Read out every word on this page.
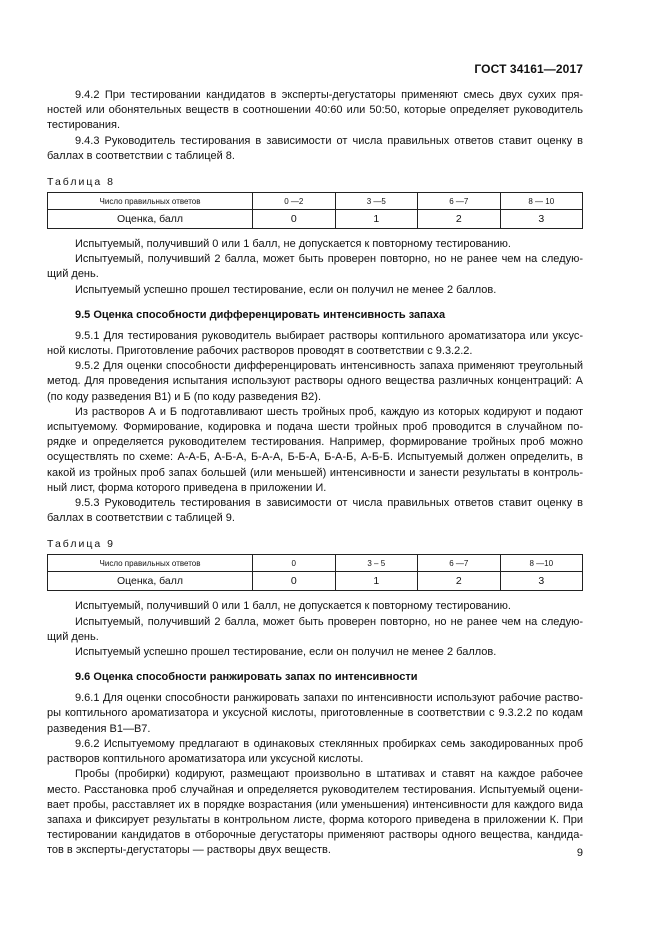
ГОСТ 34161—2017

9.4.2 При тестировании кандидатов в эксперты-дегустаторы применяют смесь двух сухих пряностей или обонятельных веществ в соотношении 40:60 или 50:50, которые определяет руководитель тестирования.

9.4.3 Руководитель тестирования в зависимости от числа правильных ответов ставит оценку в баллах в соответствии с таблицей 8.

Таблица 8
Число правильных ответов	0 —2	3 —5	6 —7	8 — 10
Оценка, балл	0	1	2	3

Испытуемый, получивший 0 или 1 балл, не допускается к повторному тестированию.

Испытуемый, получивший 2 балла, может быть проверен повторно, но не ранее чем на следующий день.

Испытуемый успешно прошел тестирование, если он получил не менее 2 баллов.

9.5 Оценка способности дифференцировать интенсивность запаха

9.5.1 Для тестирования руководитель выбирает растворы коптильного ароматизатора или уксусной кислоты. Приготовление рабочих растворов проводят в соответствии с 9.3.2.2.

9.5.2 Для оценки способности дифференцировать интенсивность запаха применяют треугольный метод. Для проведения испытания используют растворы одного вещества различных концентраций: А (по коду разведения В1) и Б (по коду разведения В2).

Из растворов А и Б подготавливают шесть тройных проб, каждую из которых кодируют и подают испытуемому. Формирование, кодировка и подача шести тройных проб проводится в случайном порядке и определяется руководителем тестирования. Например, формирование тройных проб можно осуществлять по схеме: А-А-Б, А-Б-А, Б-А-А, Б-Б-А, Б-А-Б, А-Б-Б. Испытуемый должен определить, в какой из тройных проб запах большей (или меньшей) интенсивности и занести результаты в контрольный лист, форма которого приведена в приложении И.

9.5.3 Руководитель тестирования в зависимости от числа правильных ответов ставит оценку в баллах в соответствии с таблицей 9.

Таблица 9
Число правильных ответов	0	3 – 5	6 —7	8 —10
Оценка, балл	0	1	2	3

Испытуемый, получивший 0 или 1 балл, не допускается к повторному тестированию.

Испытуемый, получивший 2 балла, может быть проверен повторно, но не ранее чем на следующий день.

Испытуемый успешно прошел тестирование, если он получил не менее 2 баллов.

9.6 Оценка способности ранжировать запах по интенсивности

9.6.1 Для оценки способности ранжировать запахи по интенсивности используют рабочие растворы коптильного ароматизатора и уксусной кислоты, приготовленные в соответствии с 9.3.2.2 по кодам разведения В1—В7.

9.6.2 Испытуемому предлагают в одинаковых стеклянных пробирках семь закодированных проб растворов коптильного ароматизатора или уксусной кислоты.

Пробы (пробирки) кодируют, размещают произвольно в штативах и ставят на каждое рабочее место. Расстановка проб случайная и определяется руководителем тестирования. Испытуемый оценивает пробы, расставляет их в порядке возрастания (или уменьшения) интенсивности для каждого вида запаха и фиксирует результаты в контрольном листе, форма которого приведена в приложении К. При тестировании кандидатов в отборочные дегустаторы применяют растворы одного вещества, кандидатов в эксперты-дегустаторы — растворы двух веществ.	9
